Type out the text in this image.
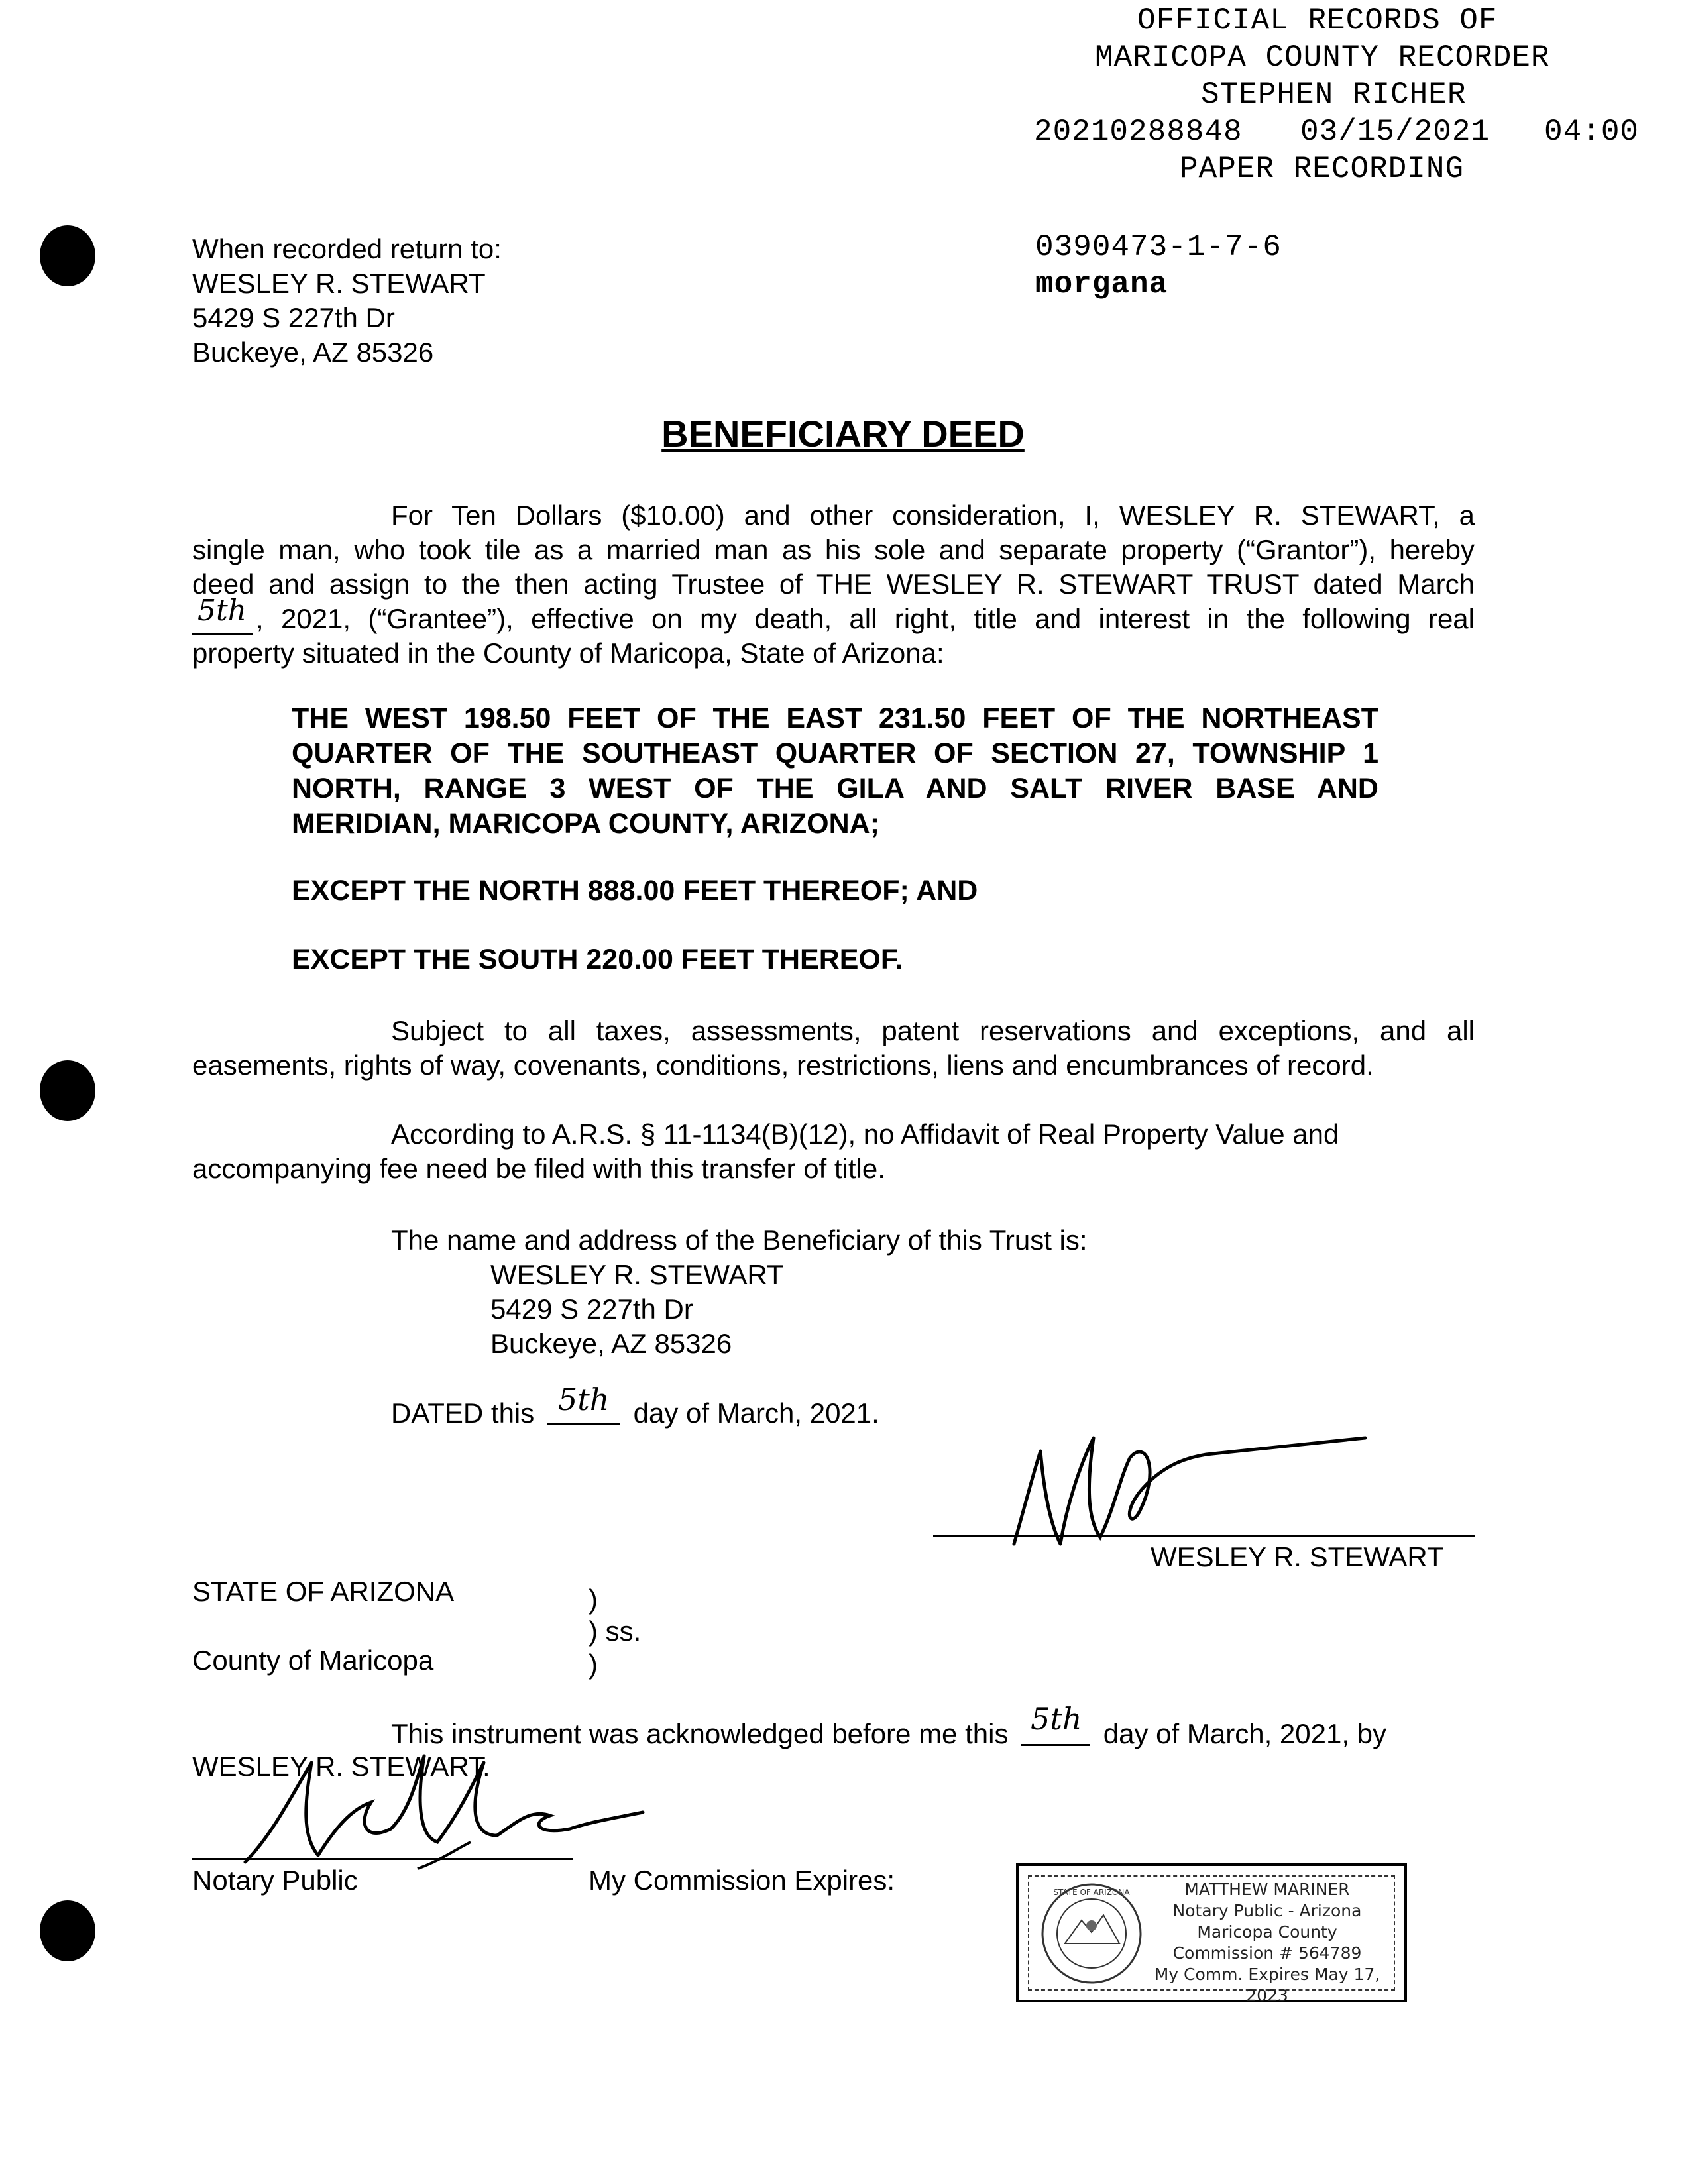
OFFICIAL RECORDS OF
MARICOPA COUNTY RECORDER
STEPHEN RICHER
20210288848 03/15/2021 04:00
PAPER RECORDING
0390473-1-7-6
morgana
When recorded return to:
WESLEY R. STEWART
5429 S 227th Dr
Buckeye, AZ 85326
BENEFICIARY DEED
For Ten Dollars ($10.00) and other consideration, I, WESLEY R. STEWART, a
single man, who took tile as a married man as his sole and separate property (“Grantor”), hereby
deed and assign to the then acting Trustee of THE WESLEY R. STEWART TRUST dated March
5th , 2021, (“Grantee”), effective on my death, all right, title and interest in the following real
property situated in the County of Maricopa, State of Arizona:
THE WEST 198.50 FEET OF THE EAST 231.50 FEET OF THE NORTHEAST
QUARTER OF THE SOUTHEAST QUARTER OF SECTION 27, TOWNSHIP 1
NORTH, RANGE 3 WEST OF THE GILA AND SALT RIVER BASE AND
MERIDIAN, MARICOPA COUNTY, ARIZONA;
EXCEPT THE NORTH 888.00 FEET THEREOF; AND
EXCEPT THE SOUTH 220.00 FEET THEREOF.
Subject to all taxes, assessments, patent reservations and exceptions, and all
easements, rights of way, covenants, conditions, restrictions, liens and encumbrances of record.
According to A.R.S. § 11-1134(B)(12), no Affidavit of Real Property Value and
accompanying fee need be filed with this transfer of title.
The name and address of the Beneficiary of this Trust is:
WESLEY R. STEWART
5429 S 227th Dr
Buckeye, AZ 85326
DATED this 5th day of March, 2021.
WESLEY R. STEWART
STATE OF ARIZONA
County of Maricopa
)
) ss.
)
This instrument was acknowledged before me this 5th day of March, 2021, by
WESLEY R. STEWART.
Notary Public	My Commission Expires:	STATE OF ARIZONA	MATTHEW MARINER
Notary Public - Arizona
Maricopa County
Commission # 564789
My Comm. Expires May 17, 2023
